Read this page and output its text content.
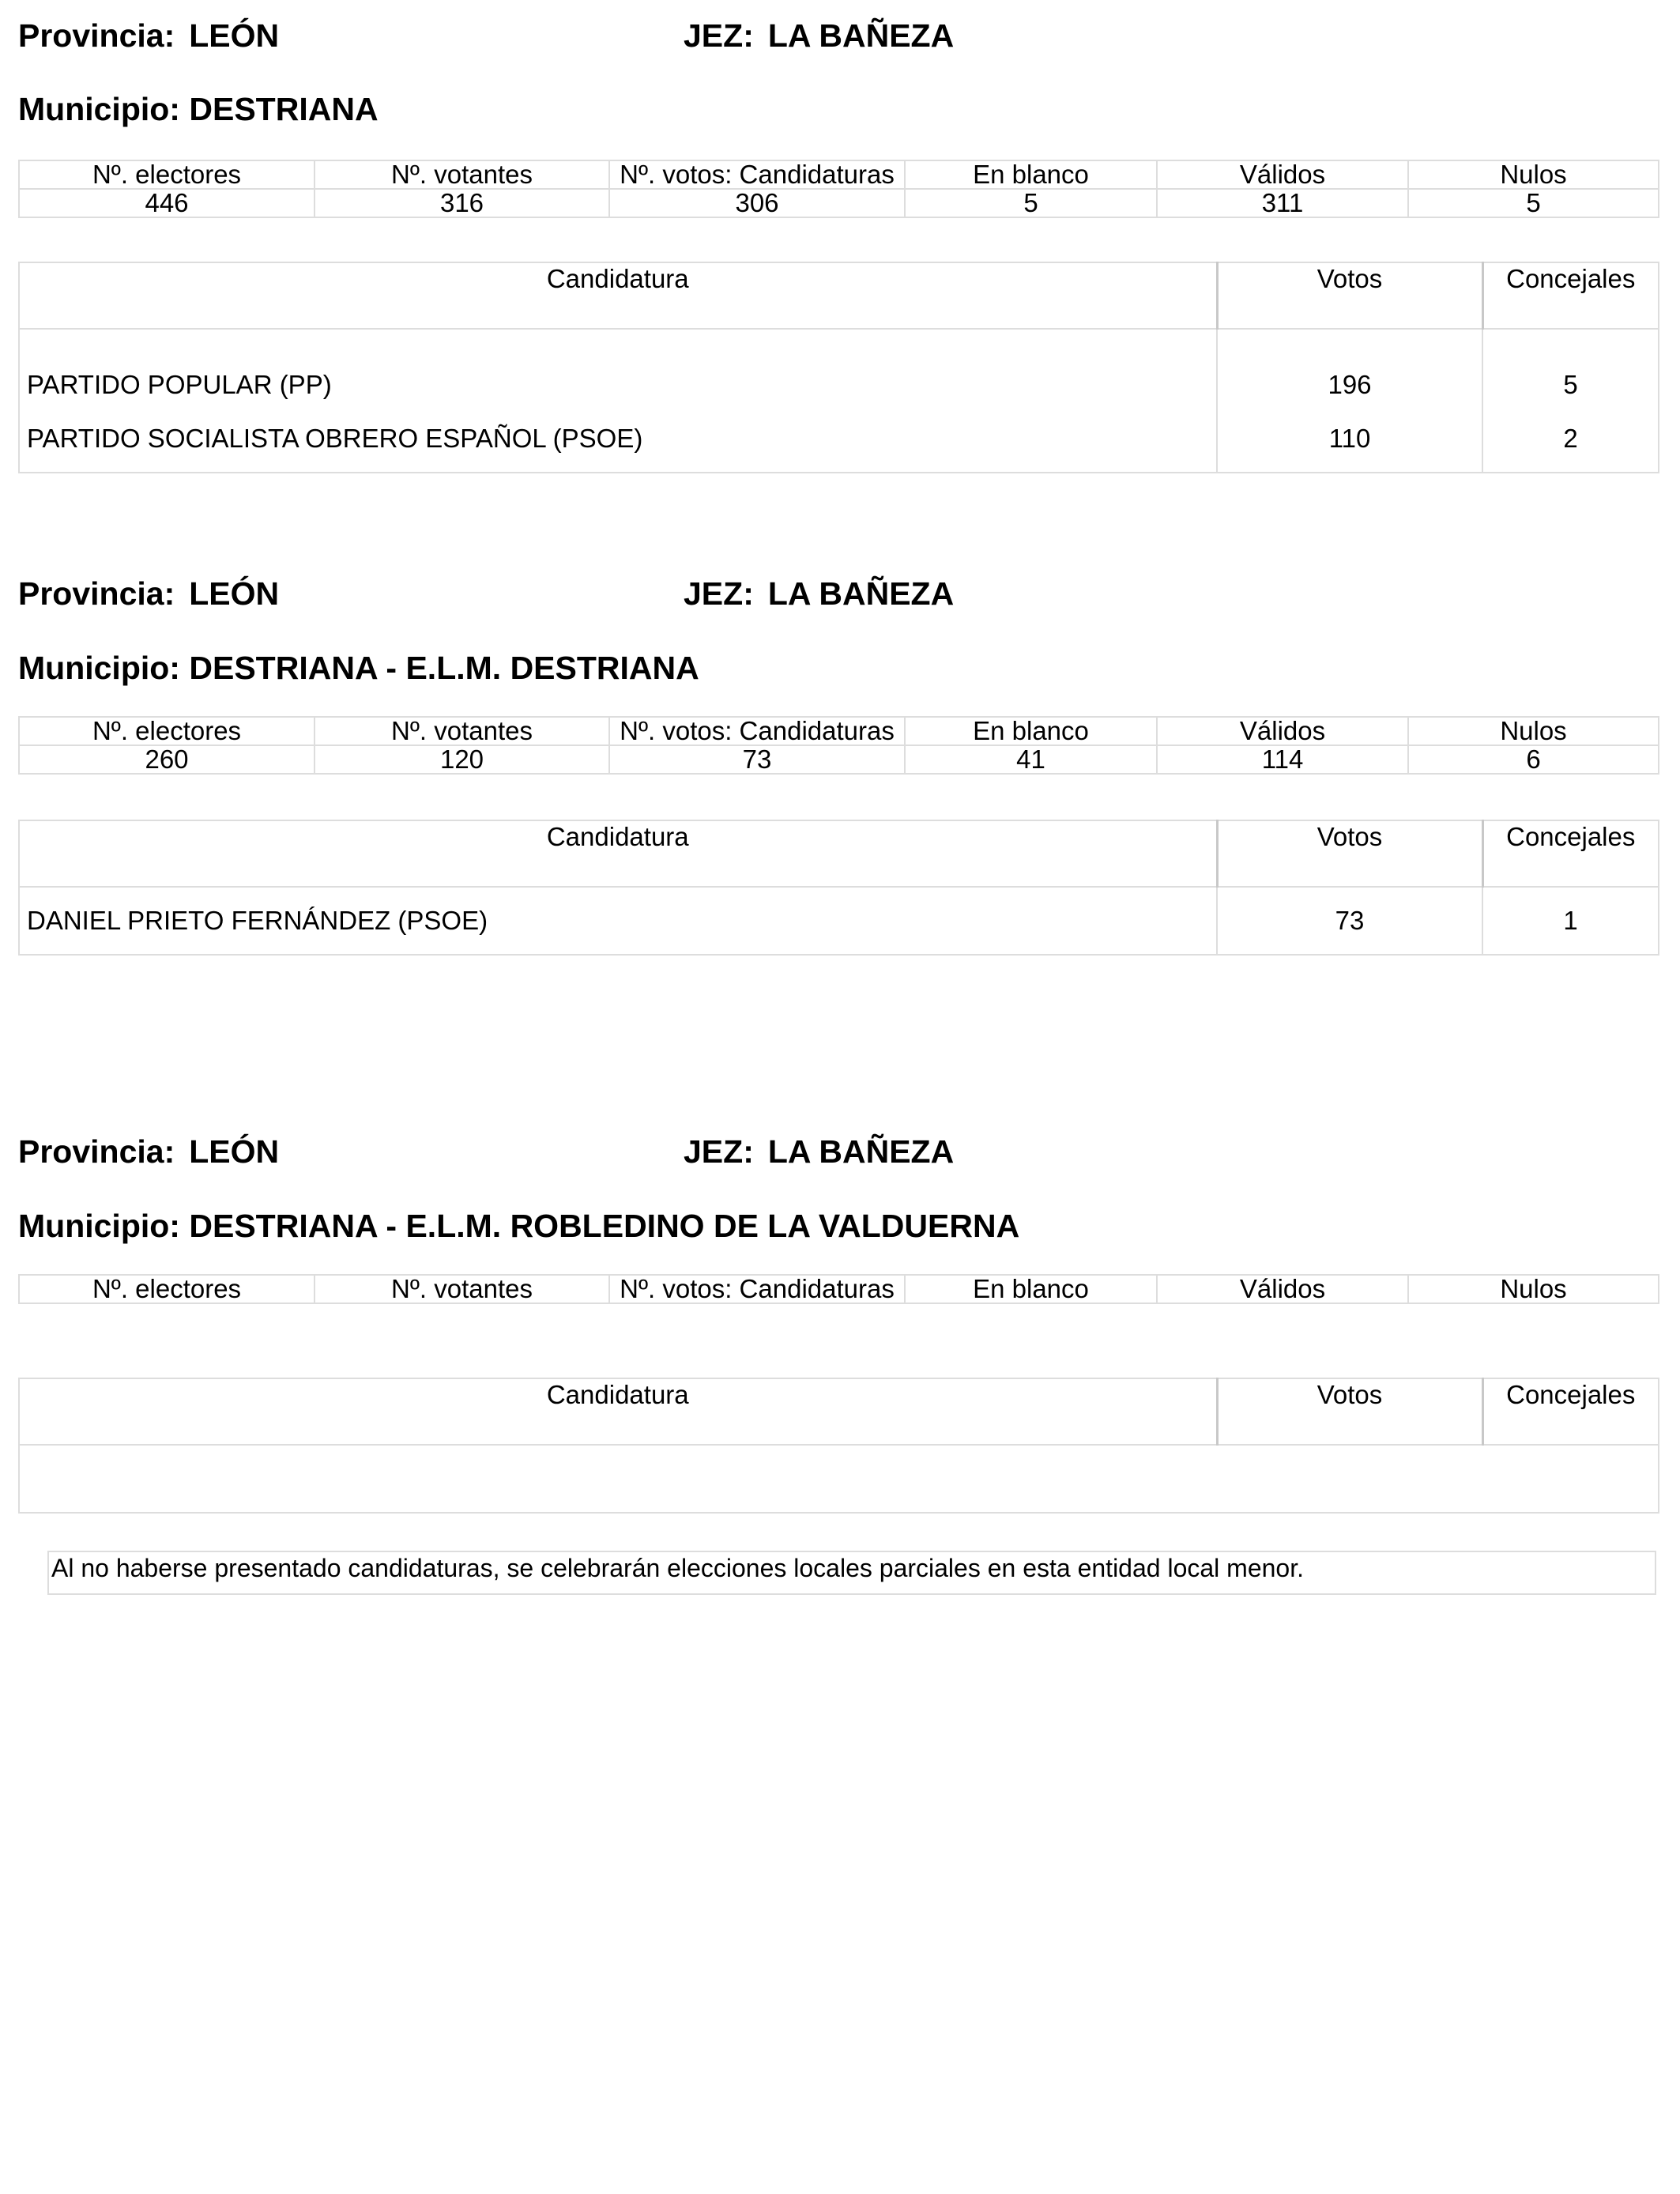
Provincia: LEÓN	JEZ: LA BAÑEZA
Municipio: DESTRIANA
Nº. electores	Nº. votantes	Nº. votos: Candidaturas	En blanco	Válidos	Nulos
446	316	306	5	311	5
Candidatura	Votos	Concejales
PARTIDO POPULAR (PP)	196	5
PARTIDO SOCIALISTA OBRERO ESPAÑOL (PSOE)	110	2
Provincia: LEÓN	JEZ: LA BAÑEZA
Municipio: DESTRIANA - E.L.M. DESTRIANA
Nº. electores	Nº. votantes	Nº. votos: Candidaturas	En blanco	Válidos	Nulos
260	120	73	41	114	6
Candidatura	Votos	Concejales
DANIEL PRIETO FERNÁNDEZ (PSOE)	73	1
Provincia: LEÓN	JEZ: LA BAÑEZA
Municipio: DESTRIANA - E.L.M. ROBLEDINO DE LA VALDUERNA
Nº. electores	Nº. votantes	Nº. votos: Candidaturas	En blanco	Válidos	Nulos
Candidatura	Votos	Concejales

Al no haberse presentado candidaturas, se celebrarán elecciones locales parciales en esta entidad local menor.
